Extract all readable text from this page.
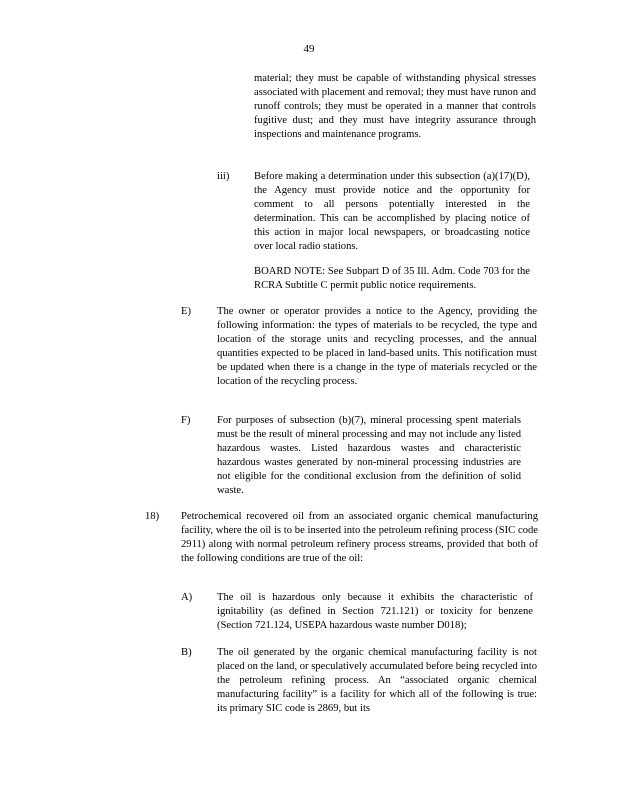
49
material; they must be capable of withstanding physical stresses associated with placement and removal; they must have runon and runoff controls; they must be operated in a manner that controls fugitive dust; and they must have integrity assurance through inspections and maintenance programs.
iii) Before making a determination under this subsection (a)(17)(D), the Agency must provide notice and the opportunity for comment to all persons potentially interested in the determination. This can be accomplished by placing notice of this action in major local newspapers, or broadcasting notice over local radio stations.
BOARD NOTE: See Subpart D of 35 Ill. Adm. Code 703 for the RCRA Subtitle C permit public notice requirements.
E) The owner or operator provides a notice to the Agency, providing the following information: the types of materials to be recycled, the type and location of the storage units and recycling processes, and the annual quantities expected to be placed in land-based units. This notification must be updated when there is a change in the type of materials recycled or the location of the recycling process.
F)	For purposes of subsection (b)(7), mineral processing spent materials must be the result of mineral processing and may not include any listed hazardous wastes. Listed hazardous wastes and characteristic hazardous wastes generated by non-mineral processing industries are not eligible for the conditional exclusion from the definition of solid waste.
18) Petrochemical recovered oil from an associated organic chemical manufacturing facility, where the oil is to be inserted into the petroleum refining process (SIC code 2911) along with normal petroleum refinery process streams, provided that both of the following conditions are true of the oil:
A) The oil is hazardous only because it exhibits the characteristic of ignitability (as defined in Section 721.121) or toxicity for benzene (Section 721.124, USEPA hazardous waste number D018);
B) The oil generated by the organic chemical manufacturing facility is not placed on the land, or speculatively accumulated before being recycled into the petroleum refining process. An “associated organic chemical manufacturing facility” is a facility for which all of the following is true: its primary SIC code is 2869, but its
